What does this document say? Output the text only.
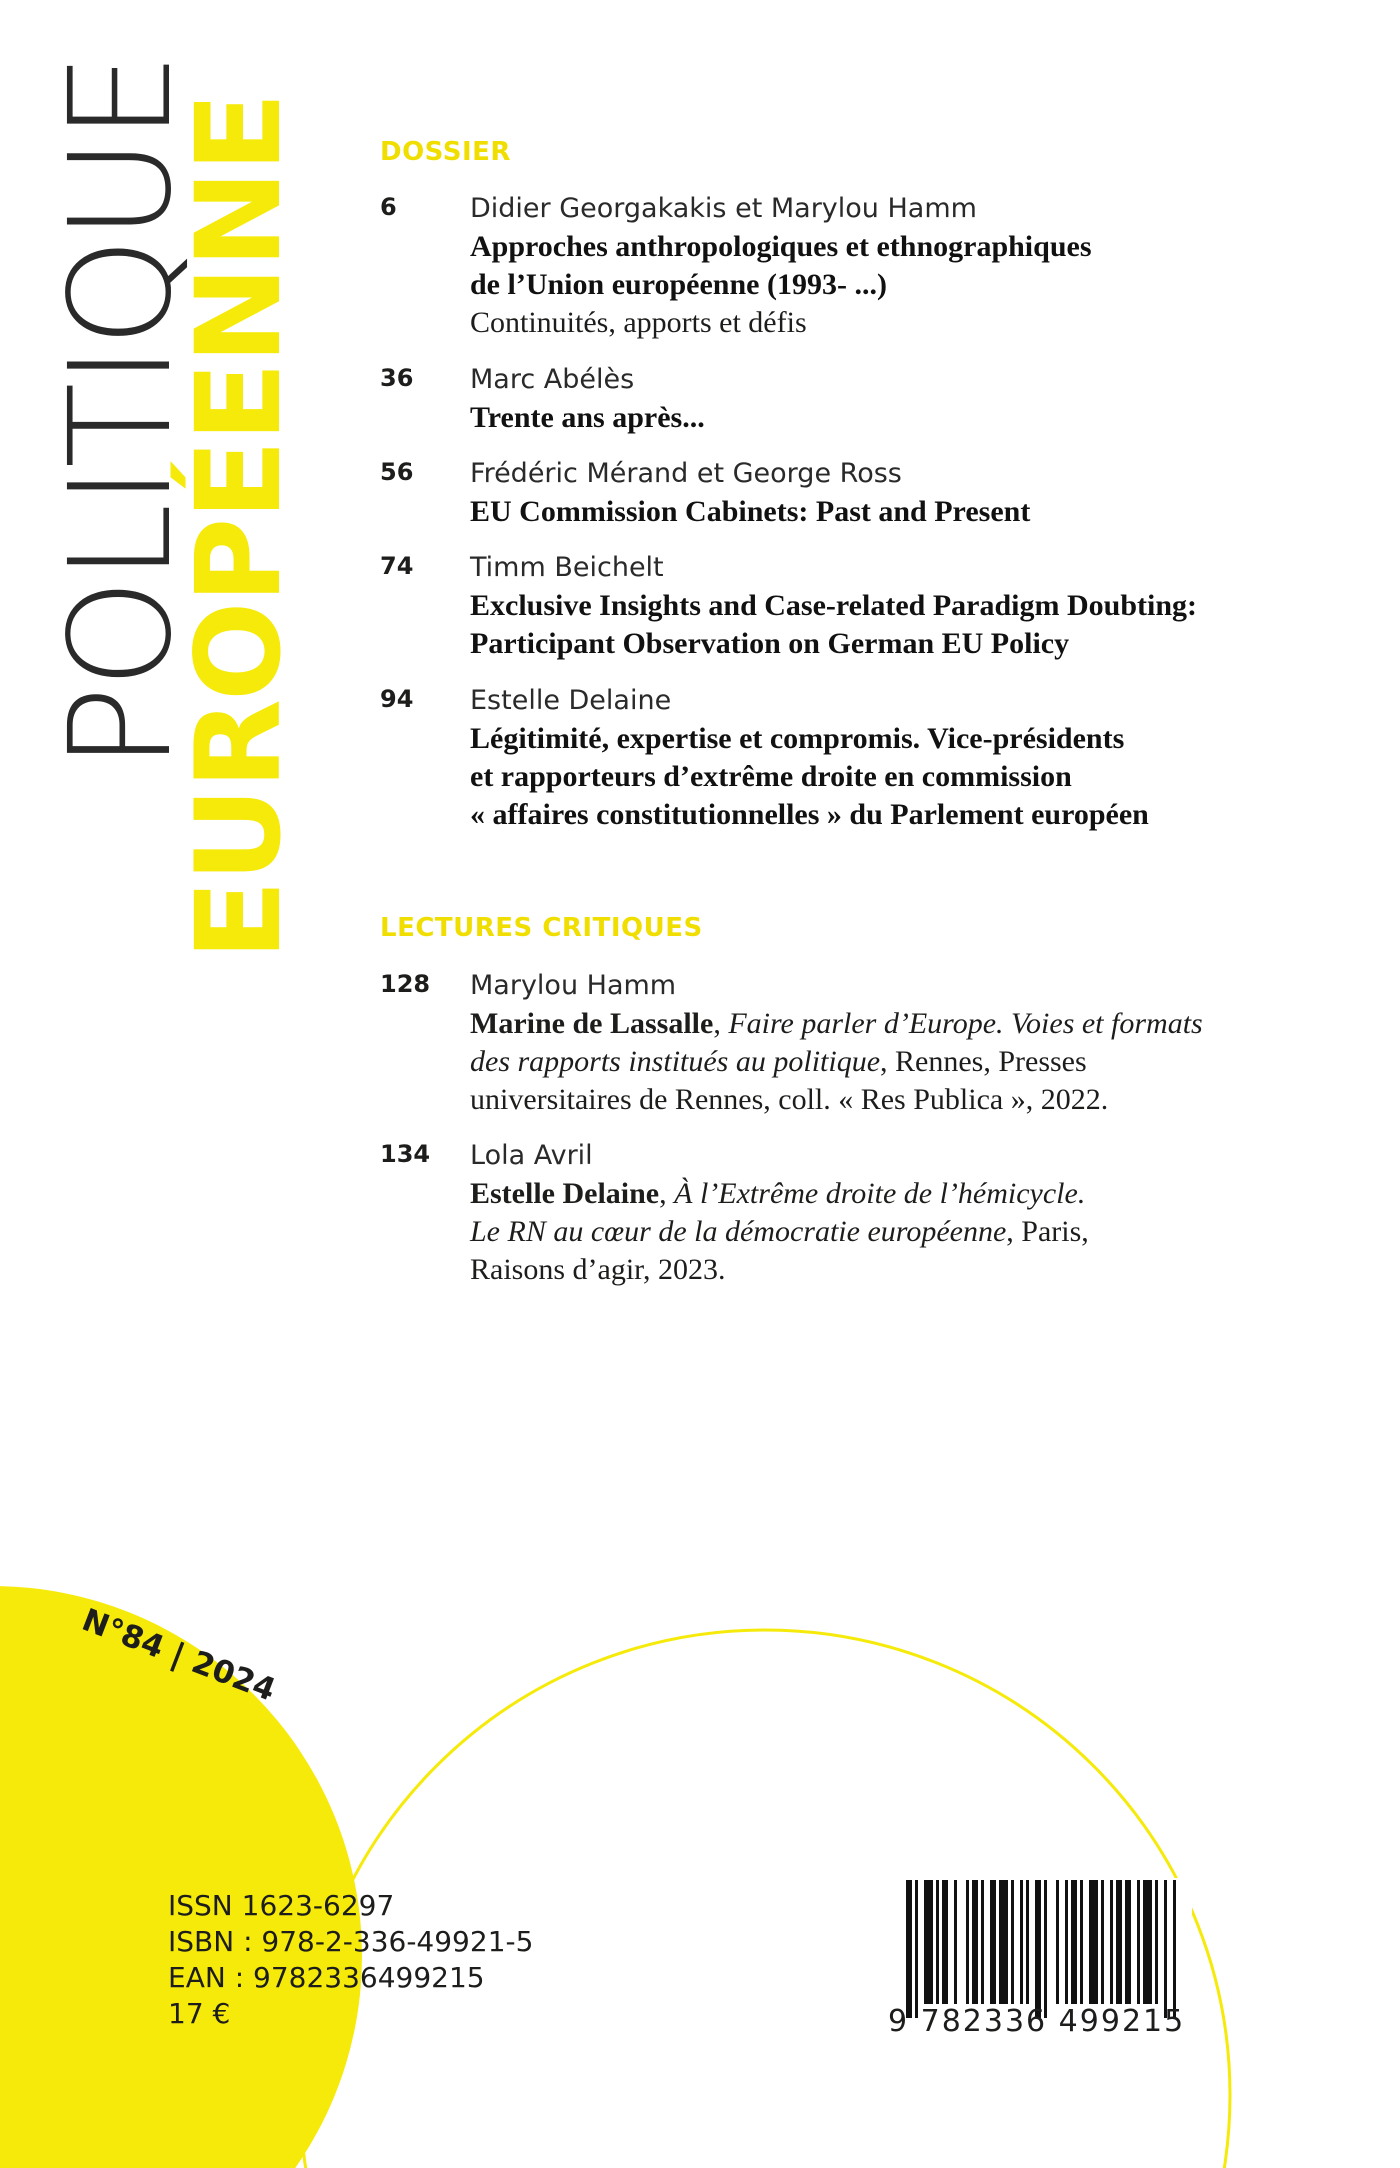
POLITIQUE
EUROPÉENNE	DOSSIER
6	Didier Georgakakis et Marylou Hamm
Approches anthropologiques et ethnographiques
de l’Union européenne (1993- ...)
Continuités, apports et défis
36 Marc Abélès
Trente ans après...
56 Frédéric Mérand et George Ross
EU Commission Cabinets: Past and Present
74 Timm Beichelt
Exclusive Insights and Case-related Paradigm Doubting:
Participant Observation on German EU Policy
94 Estelle Delaine
Légitimité, expertise et compromis. Vice-présidents
et rapporteurs d’extrême droite en commission
« affaires constitutionnelles » du Parlement européen
LECTURES CRITIQUES
128 Marylou Hamm
Marine de Lassalle, Faire parler d’Europe. Voies et formats
des rapports institués au politique, Rennes, Presses
universitaires de Rennes, coll. « Res Publica », 2022.
134 Lola Avril
Estelle Delaine, À l’Extrême droite de l’hémicycle.
Le RN au cœur de la démocratie européenne, Paris,
Raisons d’agir, 2023.
N°84 | 2024
ISSN 1623-6297
ISBN : 978-2-336-49921-5
EAN : 9782336499215
17 €	9 782336 499215
